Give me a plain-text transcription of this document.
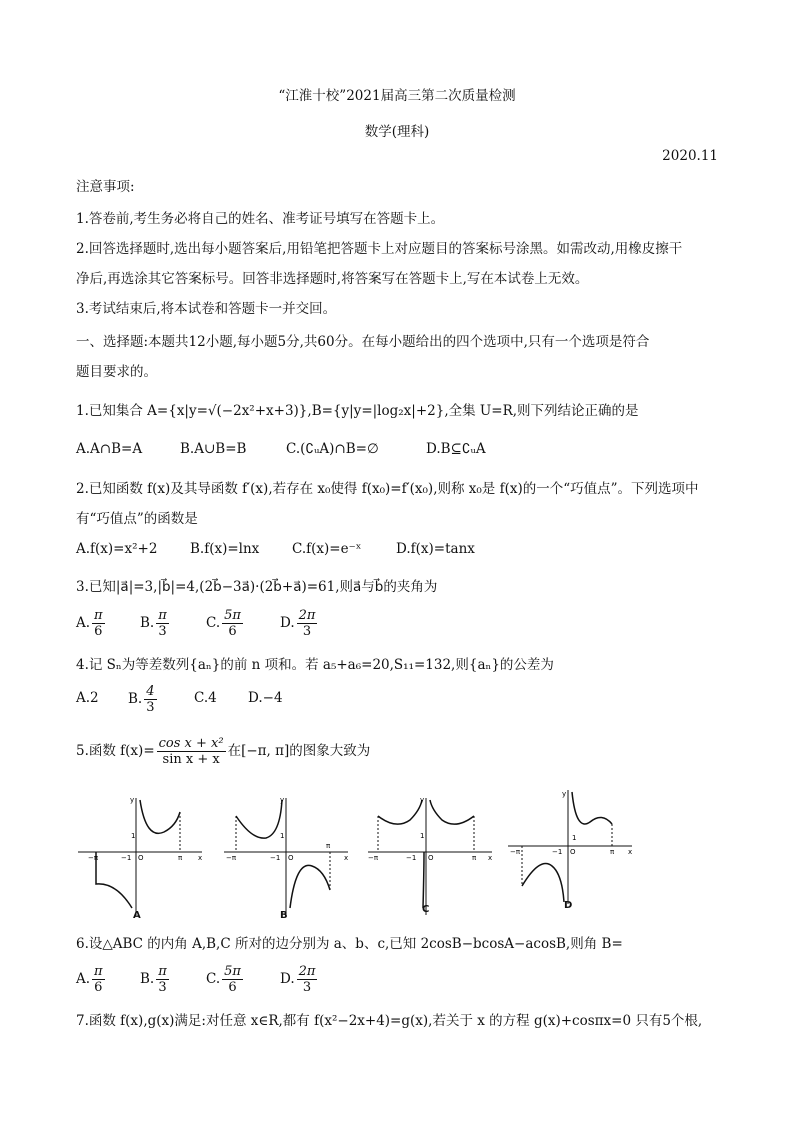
“江淮十校”2021届高三第二次质量检测
数学(理科)
2020.11
注意事项:
1.答卷前,考生务必将自己的姓名、准考证号填写在答题卡上。
2.回答选择题时,选出每小题答案后,用铅笔把答题卡上对应题目的答案标号涂黑。如需改动,用橡皮擦干
净后,再选涂其它答案标号。回答非选择题时,将答案写在答题卡上,写在本试卷上无效。
3.考试结束后,将本试卷和答题卡一并交回。
一、选择题:本题共12小题,每小题5分,共60分。在每小题给出的四个选项中,只有一个选项是符合
题目要求的。
1.已知集合 A={x|y=√(−2x²+x+3)},B={y|y=|log₂x|+2},全集 U=R,则下列结论正确的是
A.A∩B=A	B.A∪B=B	C.(∁ᵤA)∩B=∅	D.B⊆∁ᵤA
2.已知函数 f(x)及其导函数 f′(x),若存在 x₀使得 f(x₀)=f′(x₀),则称 x₀是 f(x)的一个“巧值点”。下列选项中
有“巧值点”的函数是
A.f(x)=x²+2 B.f(x)=lnx C.f(x)=e⁻ˣ	D.f(x)=tanx
3.已知|a⃗|=3,|b⃗|=4,(2b⃗−3a⃗)·(2b⃗+a⃗)=61,则a⃗与b⃗的夹角为
A. $\frac{\pi}{6}$	B. $\frac{\pi}{3}$	C. $\frac{5\pi}{6}$	D. $\frac{2\pi}{3}$
4.记 Sₙ为等差数列{aₙ}的前 n 项和。若 a₅+a₆=20,S₁₁=132,则{aₙ}的公差为
A.2 B. $\frac{4}{3}$	C.4 D.−4
5.函数 $f(x)= \frac{\text{cos x + x²}}{\text{sin x + x}}$ 在[−π, π]的图象大致为
y
x
O
−π	π
−1
1
A
y
x
O
−π
π
−1
1
B
y
x
O
−π	π
−1
1
C
y
x
O
−π	π
−1
1
D
6.设△ABC 的内角 A,B,C 所对的边分别为 a、b、c,已知 2cosB−bcosA−acosB,则角 B=
A. $\frac{\pi}{6}$	B. $\frac{\pi}{3}$	C. $\frac{5\pi}{6}$	D. $\frac{2\pi}{3}$
7.函数 f(x),g(x)满足:对任意 x∈R,都有 f(x²−2x+4)=g(x),若关于 x 的方程 g(x)+cosπx=0 只有5个根,
